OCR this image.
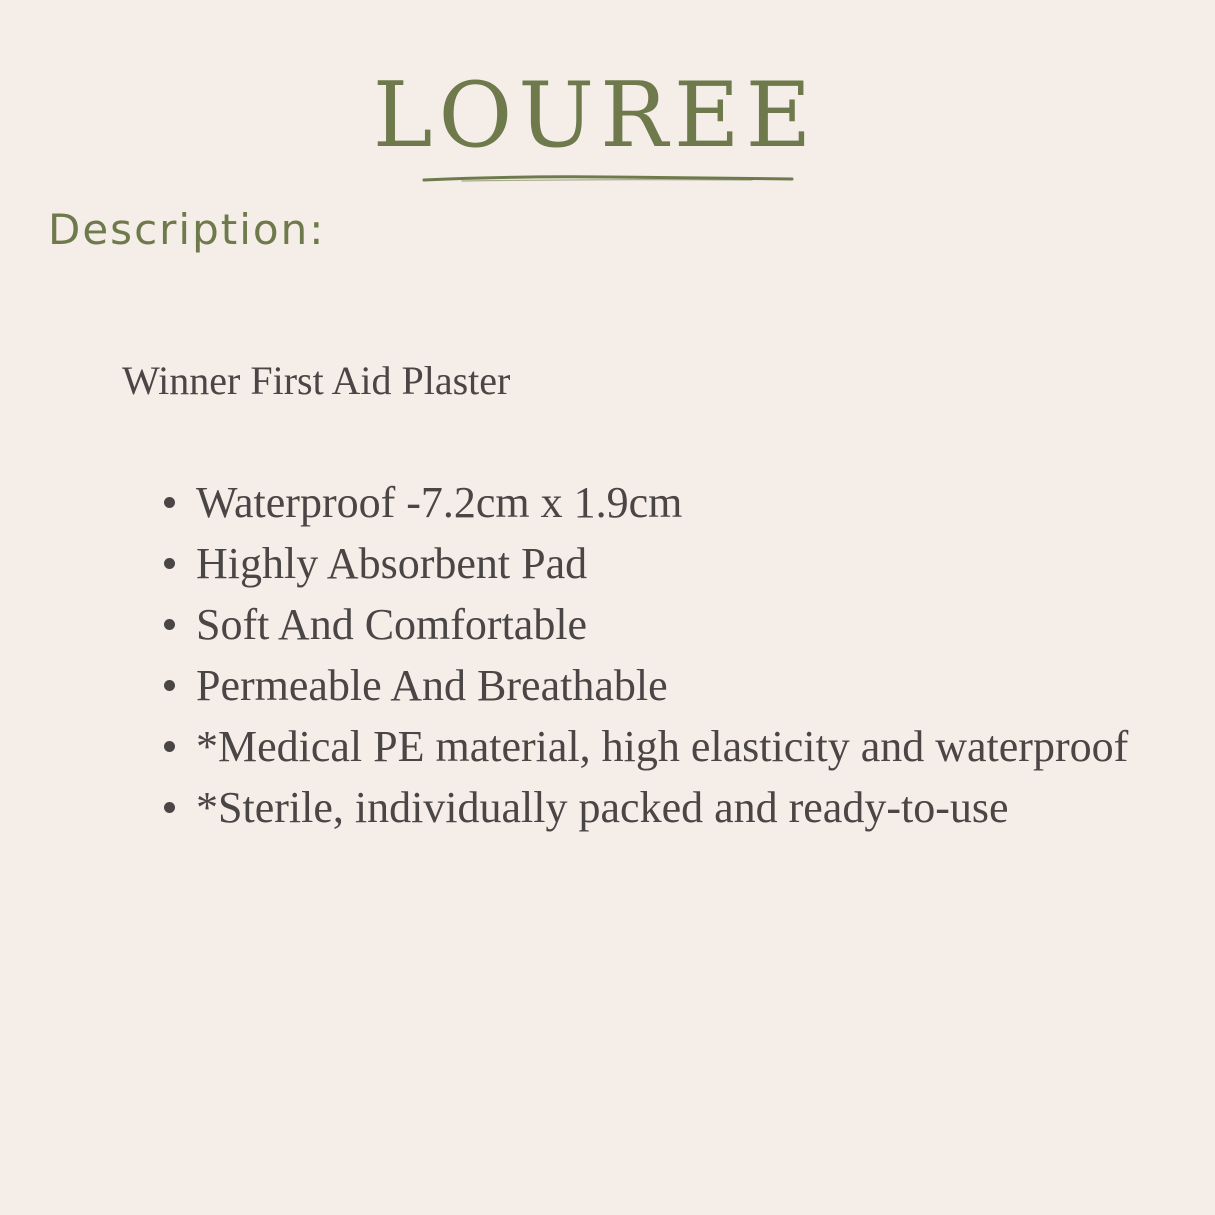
LOUREE
Description:
Winner First Aid Plaster
Waterproof -7.2cm x 1.9cm
Highly Absorbent Pad
Soft And Comfortable
Permeable And Breathable
*Medical PE material, high elasticity and waterproof
*Sterile, individually packed and ready-to-use
